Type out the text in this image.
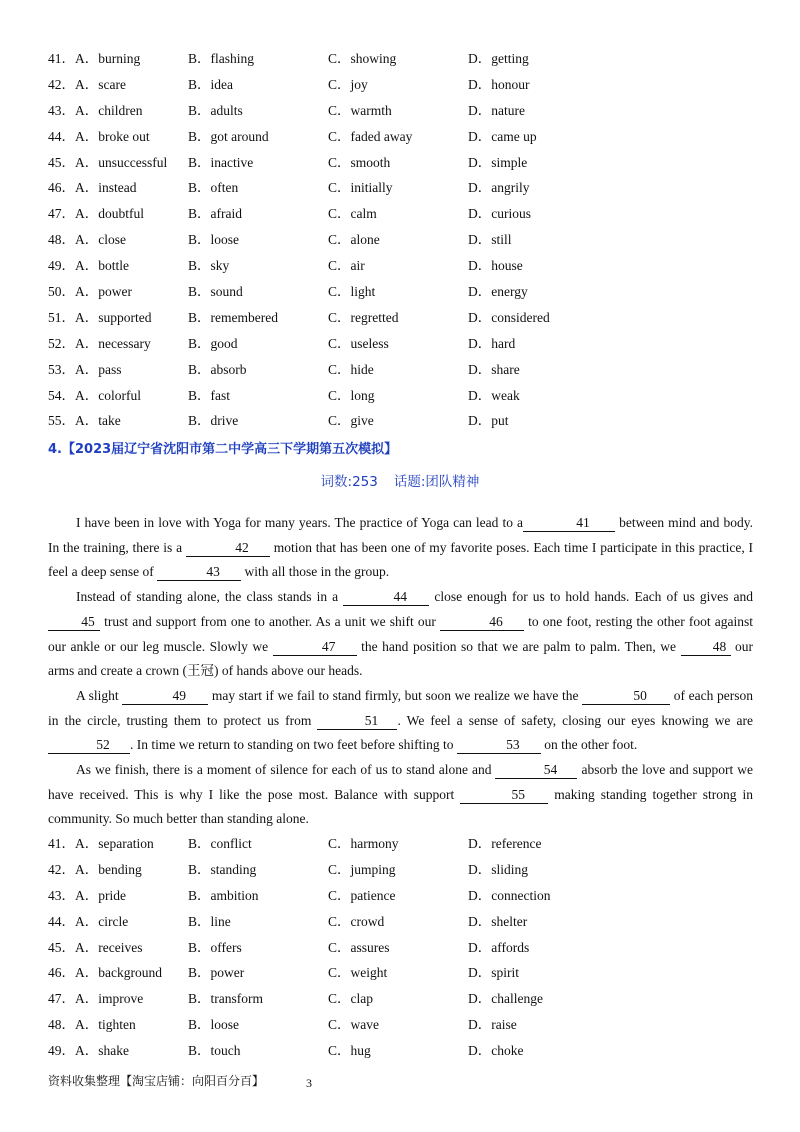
41．A．burning	B．flashing	C．showing	D．getting
42．A．scare	B．idea	C．joy	D．honour
43．A．children	B．adults	C．warmth	D．nature
44．A．broke out	B．got around	C．faded away	D．came up
45．A．unsuccessful B．inactive	C．smooth	D．simple
46．A．instead	B．often	C．initially	D．angrily
47．A．doubtful	B．afraid	C．calm	D．curious
48．A．close	B．loose	C．alone	D．still
49．A．bottle	B．sky	C．air	D．house
50．A．power	B．sound	C．light	D．energy
51．A．supported	B．remembered	C．regretted	D．considered
52．A．necessary	B．good	C．useless	D．hard
53．A．pass	B．absorb	C．hide	D．share
54．A．colorful	B．fast	C．long	D．weak
55．A．take	B．drive	C．give	D．put
4.【2023届辽宁省沈阳市第二中学高三下学期第五次模拟】
词数:253 话题:团队精神

I have been in love with Yoga for many years. The practice of Yoga can lead to a	41 between mind and body. In the training, there is a	42 motion that has been one of my favorite poses. Each time I participate in this practice, I feel a deep sense of	43 with all those in the group.

Instead of standing alone, the class stands in a	44 close enough for us to hold hands. Each of us gives and 45 trust and support from one to another. As a unit we shift our	46 to one foot, resting the other foot against our ankle or our leg muscle. Slowly we	47 the hand position so that we are palm to palm. Then, we 48 our arms and create a crown (王冠) of hands above our heads.

A slight	49 may start if we fail to stand firmly, but soon we realize we have the	50 of each person in the circle, trusting them to protect us from	51 . We feel a sense of safety, closing our eyes knowing we are 52 . In time we return to standing on two feet before shifting to	53 on the other foot.

As we finish, there is a moment of silence for each of us to stand alone and	54 absorb the love and support we have received. This is why I like the pose most. Balance with support	55 making standing together strong in community. So much better than standing alone.

41．A．separation	B．conflict	C．harmony	D．reference
42．A．bending	B．standing	C．jumping	D．sliding
43．A．pride	B．ambition	C．patience	D．connection
44．A．circle	B．line	C．crowd	D．shelter
45．A．receives	B．offers	C．assures	D．affords
46．A．background B．power	C．weight	D．spirit
47．A．improve	B．transform	C．clap	D．challenge
48．A．tighten	B．loose	C．wave	D．raise
49．A．shake	B．touch	C．hug	D．choke
资料收集整理【淘宝店铺：向阳百分百】	3
